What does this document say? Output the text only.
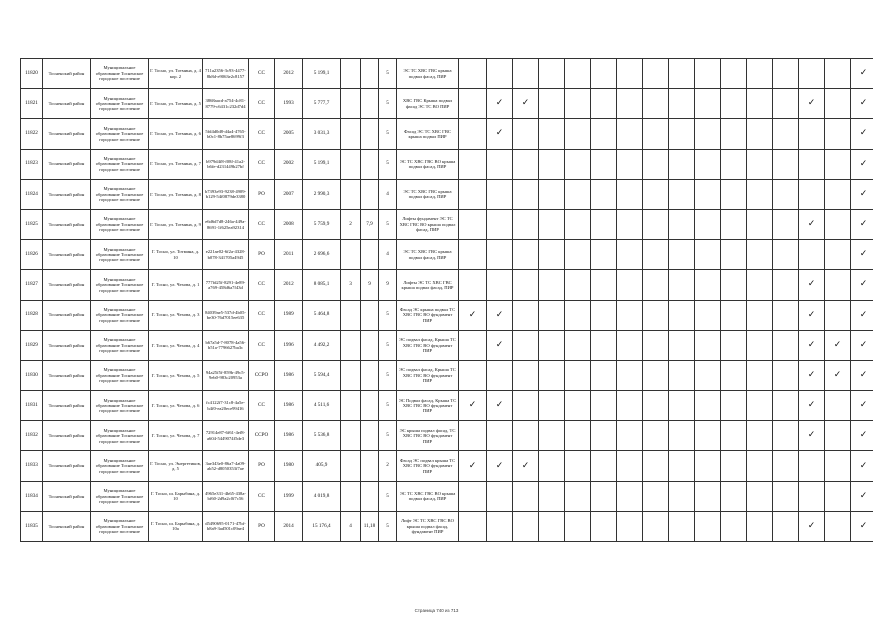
11820	Тосненский район	Муниципальное образование Тосненское городское поселение	Г. Тосно, ул. Тотмина, д. 4 кор. 2	711a2356-3c93-4477-8b8d-e9063e2c8157	СС	2012	5 199,1			5	ЭС ТС ХВС ГВС крыша подвал фасад, ПИР																✓
11821	Тосненский район	Муниципальное образование Тосненское городское поселение	Г. Тосно, ул. Тотмина, д. 5	3868aacd-a754-4c81-8779-c6431c232d7d4	СС	1993	5 777,7			5	ХВС ГВС Крыша подвал фасад ЭС ТС ВО ПИР		✓	✓											✓		✓
11822	Тосненский район	Муниципальное образование Тосненское городское поселение	Г. Тосно, ул. Тотмина, д. 6	5fd4d0d8-d4a4-4765-b0c1-8b75ae8699f3	СС	2005	3 031,3			5	Фасад ЭС ТС ХВС ГВС крыша подвал ПИР		✓														✓
11823	Тосненский район	Муниципальное образование Тосненское городское поселение	Г. Тосно, ул. Тотмина, д. 7	b979d4f8-f08f-41a2-b6fe-d231449b27bf	СС	2002	5 199,1			5	ЭС ТС ХВС ГВС ВО крыша подвал фасад, ПИР																✓
11824	Тосненский район	Муниципальное образование Тосненское городское поселение	Г. Тосно, ул. Тотмина, д. 8	b7393e93-9238-4909-b129-54f0879de3380	РО	2007	2 990,3			4	ЭС ТС ХВС ГВС крыша подвал фасад, ПИР																✓
11825	Тосненский район	Муниципальное образование Тосненское городское поселение	Г. Тосно, ул. Тотмина, д. 9	e6d6d7d8-246a-449a-8691-1f625ea92314	СС	2008	5 759,9	2	7,9	5	Лифты фундамент ЭС ТС ХВС ГВС ВО крыша подвал фасад, ПИР														✓		✓
11826	Тосненский район	Муниципальное образование Тосненское городское поселение	Г. Тосно, ул. Тотмина, д. 10	e221ae02-6f2a-4328-b078-341705a4945	РО	2011	2 696,6			4	ЭС ТС ХВС ГВС крыша подвал фасад, ПИР																✓
11827	Тосненский район	Муниципальное образование Тосненское городское поселение	Г. Тосно, ул. Чехова, д. 1	777fd25f-8291-4e89-a769-458d6a7f43d	СС	2012	8 085,1	3	9	9	Лифты ЭС ТС ХВС ГВС крыша подвал фасад, ПИР														✓		✓
11828	Тосненский район	Муниципальное образование Тосненское городское поселение	Г. Тосно, ул. Чехова, д. 3	84039ae5-537d-4b05-be30-76d7015ee635	СС	1989	5 464,8			5	Фасад ЭС крыша подвал ТС ХВС ГВС ВО фундамент ПИР	✓	✓												✓		✓
11829	Тосненский район	Муниципальное образование Тосненское городское поселение	Г. Тосно, ул. Чехова, д. 4	b67a5d-7-8078-4a56-b51a-7796627ba3c	СС	1996	4 492,2			5	ЭС подвал фасад, Крыша ТС ХВС ГВС ВО фундамент ПИР		✓												✓	✓	✓
11830	Тосненский район	Муниципальное образование Тосненское городское поселение	Г. Тосно, ул. Чехова, д. 5	94a25f5f-859b-49c5-9eb0-983c20953a	ССРО	1986	5 594,4			5	ЭС подвал фасад, Крыша ТС ХВС ГВС ВО фундамент ПИР														✓	✓	✓
11831	Тосненский район	Муниципальное образование Тосненское городское поселение	Г. Тосно, ул. Чехова, д. 6	fc4122f7-31c8-4a5e-b4f0-ea20ece99416	СС	1986	4 511,6			5	ЭС Подвал фасад, Крыша ТС ХВС ГВС ВО фундамент ПИР	✓	✓												✓		✓
11832	Тосненский район	Муниципальное образование Тосненское городское поселение	Г. Тосно, ул. Чехова, д. 7	72914e87-6f61-4ef8-a604-5449074f5de3	ССРО	1986	5 536,8			5	ЭС крыша подвал фасад, ТС ХВС ГВС ВО фундамент ПИР														✓		✓
11833	Тосненский район	Муниципальное образование Тосненское городское поселение	Г. Тосно, ул. Энергетиков, д. 5	3ae343e0-86a7-4a09-ab52-d8050353f7ae	РО	1980	405,9			2	Фасад ЭС подвал крыша ТС ХВС ГВС ВО фундамент ПИР	✓	✓	✓													✓
11834	Тосненский район	Муниципальное образование Тосненское городское поселение	Г. Тосно, ш. Барыбина, д. 10	4965e331-4b65-438a-bf60-2d9a2c0f7c56	СС	1999	4 019,8			5	ЭС ТС ХВС ГВС ВО крыша подвал фасад, ПИР																✓
11835	Тосненский район	Муниципальное образование Тосненское городское поселение	Г. Тосно, ш. Барыбина, д. 10а	d5490695-0171-47bf-b8a9-3ad501c09ae4	РО	2014	15 176,4	4	11,18	5	Лифт ЭС ТС ХВС ГВС ВО крыша подвал фасад, фундамент ПИР														✓		✓
Страница 740 из 713
